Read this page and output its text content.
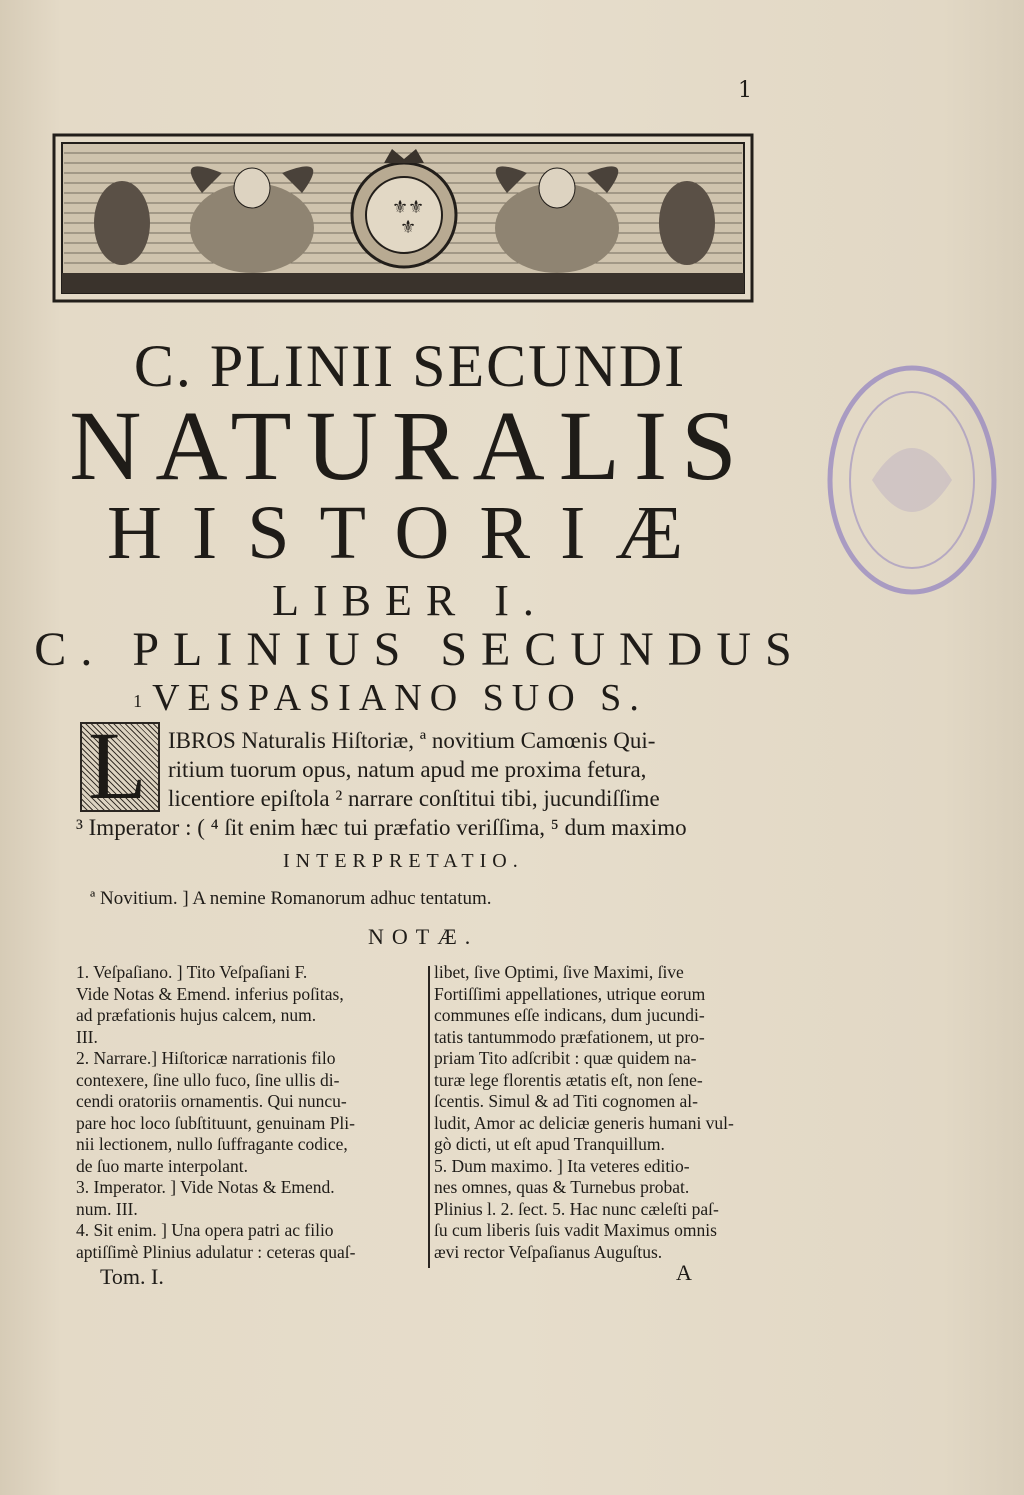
1
⚜ ⚜
⚜
C. PLINII SECUNDI
NATURALIS
HISTORIÆ
LIBER I.
C. PLINIUS SECUNDUS
1 VESPASIANO SUO S.
L IBROS Naturalis Hiſtoriæ, ª novitium Camœnis Qui-
ritium tuorum opus, natum apud me proxima fetura,
licentiore epiſtola ² narrare conſtitui tibi, jucundiſſime
³ Imperator : ( ⁴ ſit enim hæc tui præfatio veriſſima, ⁵ dum maximo
INTERPRETATIO.
ª Novitium. ] A nemine Romanorum adhuc tentatum.
NOTÆ.
1. Veſpaſiano. ] Tito Veſpaſiani F.
Vide Notas & Emend. inferius poſitas,
ad præfationis hujus calcem, num.
III.
2. Narrare.] Hiſtoricæ narrationis filo
contexere, ſine ullo fuco, ſine ullis di-
cendi oratoriis ornamentis. Qui nuncu-
pare hoc loco ſubſtituunt, genuinam Pli-
nii lectionem, nullo ſuffragante codice,
de ſuo marte interpolant.
3. Imperator. ] Vide Notas & Emend.
num. III.
4. Sit enim. ] Una opera patri ac filio
aptiſſimè Plinius adulatur : ceteras quaſ-
libet, ſive Optimi, ſive Maximi, ſive
Fortiſſimi appellationes, utrique eorum
communes eſſe indicans, dum jucundi-
tatis tantummodo præfationem, ut pro-
priam Tito adſcribit : quæ quidem na-
turæ lege florentis ætatis eſt, non ſene-
ſcentis. Simul & ad Titi cognomen al-
ludit, Amor ac deliciæ generis humani vul-
gò dicti, ut eſt apud Tranquillum.
5. Dum maximo. ] Ita veteres editio-
nes omnes, quas & Turnebus probat.
Plinius l. 2. ſect. 5. Hac nunc cæleſti paſ-
ſu cum liberis ſuis vadit Maximus omnis
ævi rector Veſpaſianus Auguſtus.
Tom. I.	A
